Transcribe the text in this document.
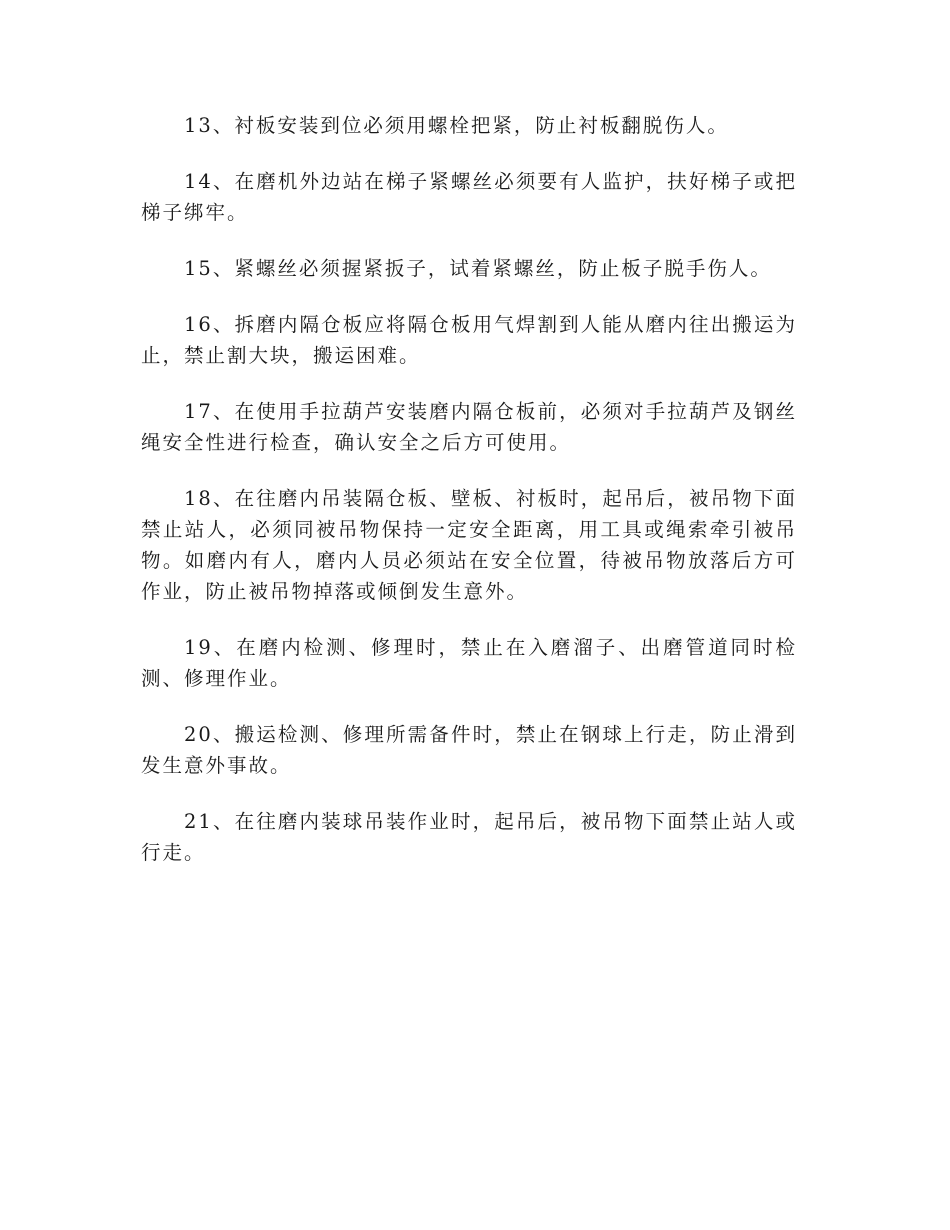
13、衬板安装到位必须用螺栓把紧，防止衬板翻脱伤人。

14、在磨机外边站在梯子紧螺丝必须要有人监护，扶好梯子或把梯子绑牢。

15、紧螺丝必须握紧扳子，试着紧螺丝，防止板子脱手伤人。

16、拆磨内隔仓板应将隔仓板用气焊割到人能从磨内往出搬运为止，禁止割大块，搬运困难。

17、在使用手拉葫芦安装磨内隔仓板前，必须对手拉葫芦及钢丝绳安全性进行检查，确认安全之后方可使用。

18、在往磨内吊装隔仓板、壁板、衬板时，起吊后，被吊物下面禁止站人，必须同被吊物保持一定安全距离，用工具或绳索牵引被吊物。如磨内有人，磨内人员必须站在安全位置，待被吊物放落后方可作业，防止被吊物掉落或倾倒发生意外。

19、在磨内检测、修理时，禁止在入磨溜子、出磨管道同时检测、修理作业。

20、搬运检测、修理所需备件时，禁止在钢球上行走，防止滑到发生意外事故。

21、在往磨内装球吊装作业时，起吊后，被吊物下面禁止站人或行走。
